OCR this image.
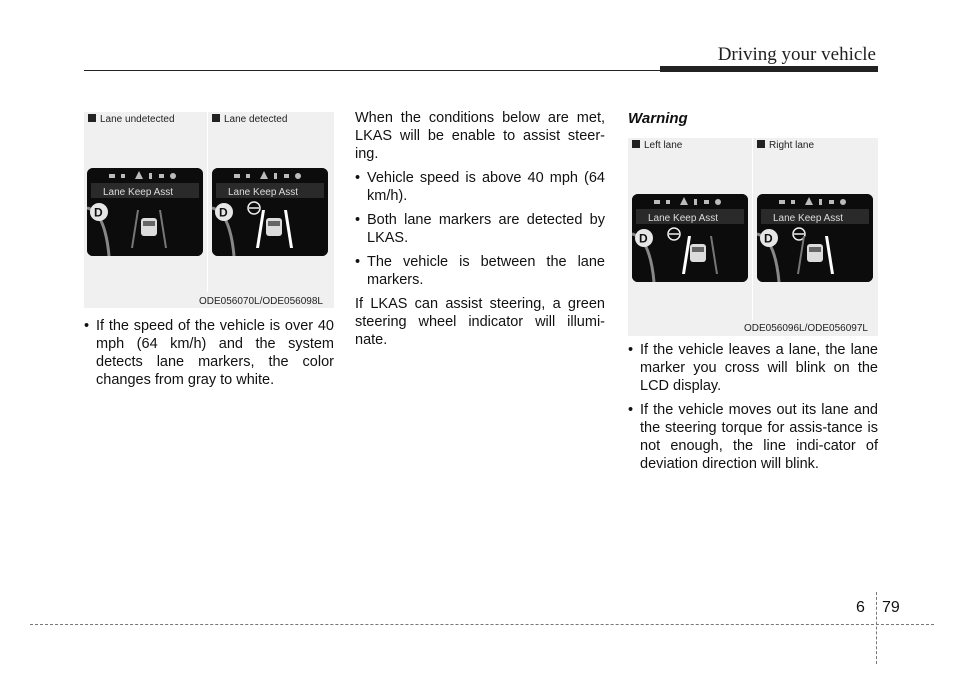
Driving your vehicle
Lane undetected	Lane detected
ODE056070L/ODE056098L
Lane Keep Asst
D
Lane Keep Asst
D
Left lane	Right lane
ODE056096L/ODE056097L
Lane Keep Asst
D
Lane Keep Asst
D

• If the speed of the vehicle is over 40 mph (64 km/h) and the system detects lane markers, the color changes from gray to white.

When the conditions below are met, LKAS will be enable to assist steer-ing.

• Vehicle speed is above 40 mph (64 km/h).

• Both lane markers are detected by LKAS.

• The vehicle is between the lane markers.

If LKAS can assist steering, a green steering wheel indicator will illumi-nate.

Warning

• If the vehicle leaves a lane, the lane marker you cross will blink on the LCD display.

• If the vehicle moves out its lane and the steering torque for assis-tance is not enough, the line indi-cator of deviation direction will blink.

6 79
